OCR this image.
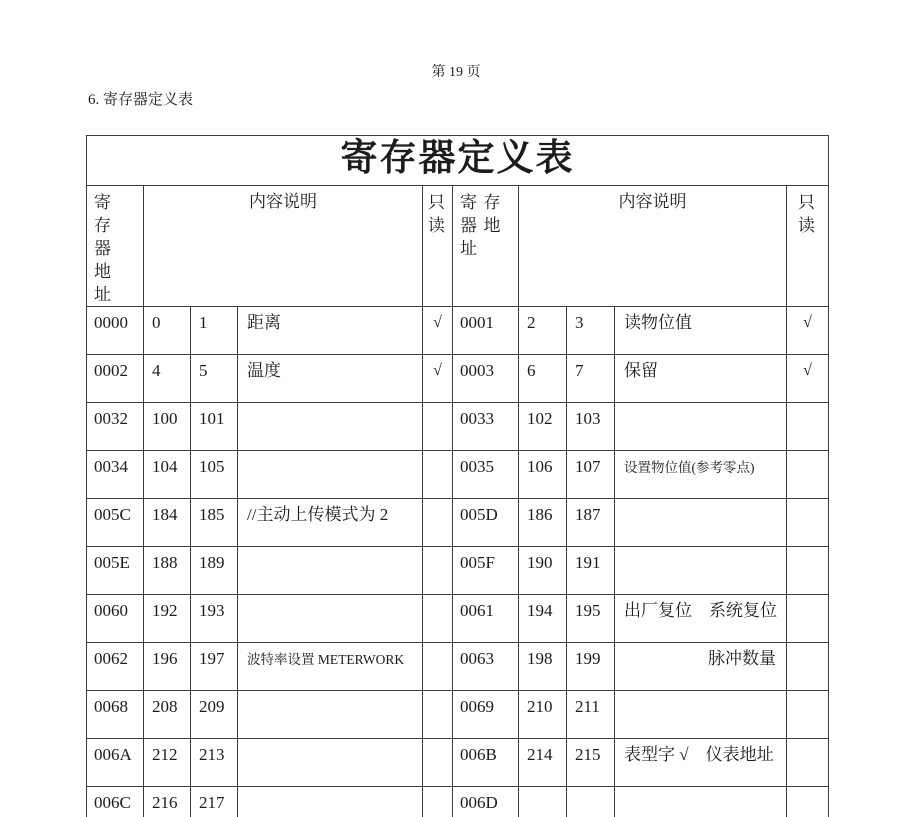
第 19 页
6. 寄存器定义表
寄存器定义表									
寄存器地址	内容说明			只读	寄存器地址	内容说明			只读
0000	0	1	距离	√	0001	2	3	读物位值	√
0002	4	5	温度	√	0003	6	7	保留	√
0032	100	101			0033	102	103		
0034	104	105			0035	106	107	设置物位值(参考零点)	
005C	184	185	//主动上传模式为 2		005D	186	187		
005E	188	189			005F	190	191		
0060	192	193			0061	194	195	出厂复位　系统复位	
0062	196	197	波特率设置 METERWORK		0063	198	199	脉冲数量	
0068	208	209			0069	210	211		
006A	212	213			006B	214	215	表型字 √　仪表地址	
006C	216	217			006D				
